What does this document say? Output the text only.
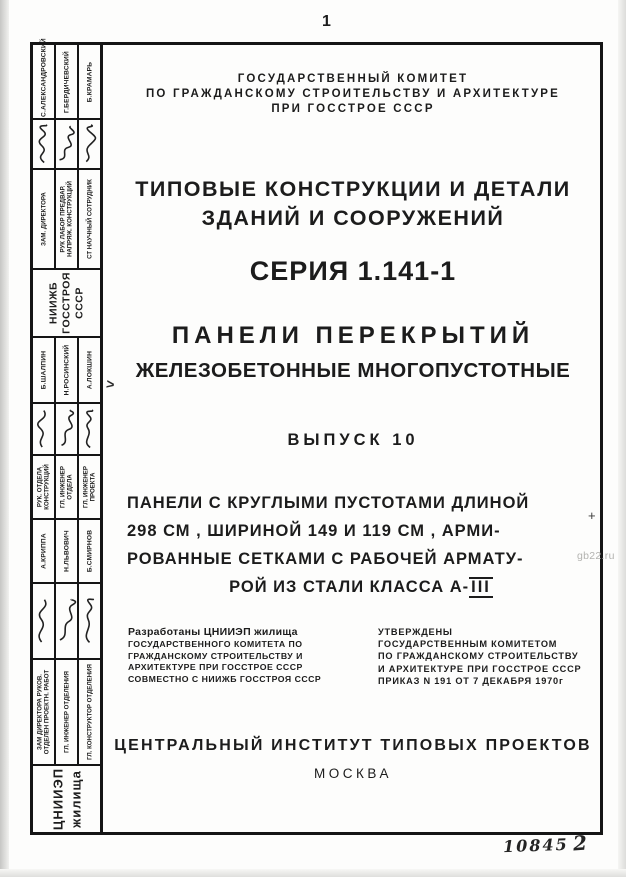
1
С.АЛЕКСАНДРОВСКИЙ Г.БЕРДИЧЕВСКИЙ Б.КРАМАРЬ
ЗАМ. ДИРЕКТОРА РУК ЛАБОР ПРЕДВАР. НАПРЯЖ. КОНСТРУКЦИЙ СТ НАУЧНЫЙ СОТРУДНИК
НИИЖБ ГОССТРОЯ СССР
Б.ШАЛПИН Н.РОСИНСКИЙ А.ЛОКШИН
РУК. ОТДЕЛА КОНСТРУКЦИЙ ГЛ. ИНЖЕНЕР ОТДЕЛА ГЛ. ИНЖЕНЕР ПРОЕКТА
А.КРИППА Н.ЛЬВОВИЧ Б.СМИРНОВ
ЗАМ ДИРЕКТОРА РУКОВ. ОТДЕЛЕН ПРОЕКТН. РАБОТ ГЛ. ИНЖЕНЕР ОТДЕЛЕНИЯ	ГЛ. КОНСТРУКТОР ОТДЕЛЕНИЯ
ЦНИИЭП жилища
ГОСУДАРСТВЕННЫЙ КОМИТЕТ
ПО ГРАЖДАНСКОМУ СТРОИТЕЛЬСТВУ И АРХИТЕКТУРЕ
ПРИ ГОССТРОЕ СССР
ТИПОВЫЕ КОНСТРУКЦИИ И ДЕТАЛИ
ЗДАНИЙ И СООРУЖЕНИЙ
СЕРИЯ 1.141-1
ПАНЕЛИ ПЕРЕКРЫТИЙ
ЖЕЛЕЗОБЕТОННЫЕ МНОГОПУСТОТНЫЕ
ВЫПУСК 10
ПАНЕЛИ С КРУГЛЫМИ ПУСТОТАМИ ДЛИНОЙ
298 СМ , ШИРИНОЙ 149 И 119 СМ , АРМИ-
РОВАННЫЕ СЕТКАМИ С РАБОЧЕЙ АРМАТУ-
РОЙ ИЗ СТАЛИ КЛАССА А- III
Разработаны ЦНИИЭП жилища
ГОСУДАРСТВЕННОГО КОМИТЕТА ПО
ГРАЖДАНСКОМУ СТРОИТЕЛЬСТВУ И
АРХИТЕКТУРЕ ПРИ ГОССТРОЕ СССР
СОВМЕСТНО С НИИЖБ ГОССТРОЯ СССР
УТВЕРЖДЕНЫ
ГОСУДАРСТВЕННЫМ КОМИТЕТОМ
ПО ГРАЖДАНСКОМУ СТРОИТЕЛЬСТВУ
И АРХИТЕКТУРЕ ПРИ ГОССТРОЕ СССР
ПРИКАЗ N 191 ОТ 7 ДЕКАБРЯ 1970г
ЦЕНТРАЛЬНЫЙ ИНСТИТУТ ТИПОВЫХ ПРОЕКТОВ
МОСКВА
10845 2
+
>
gb22.ru
